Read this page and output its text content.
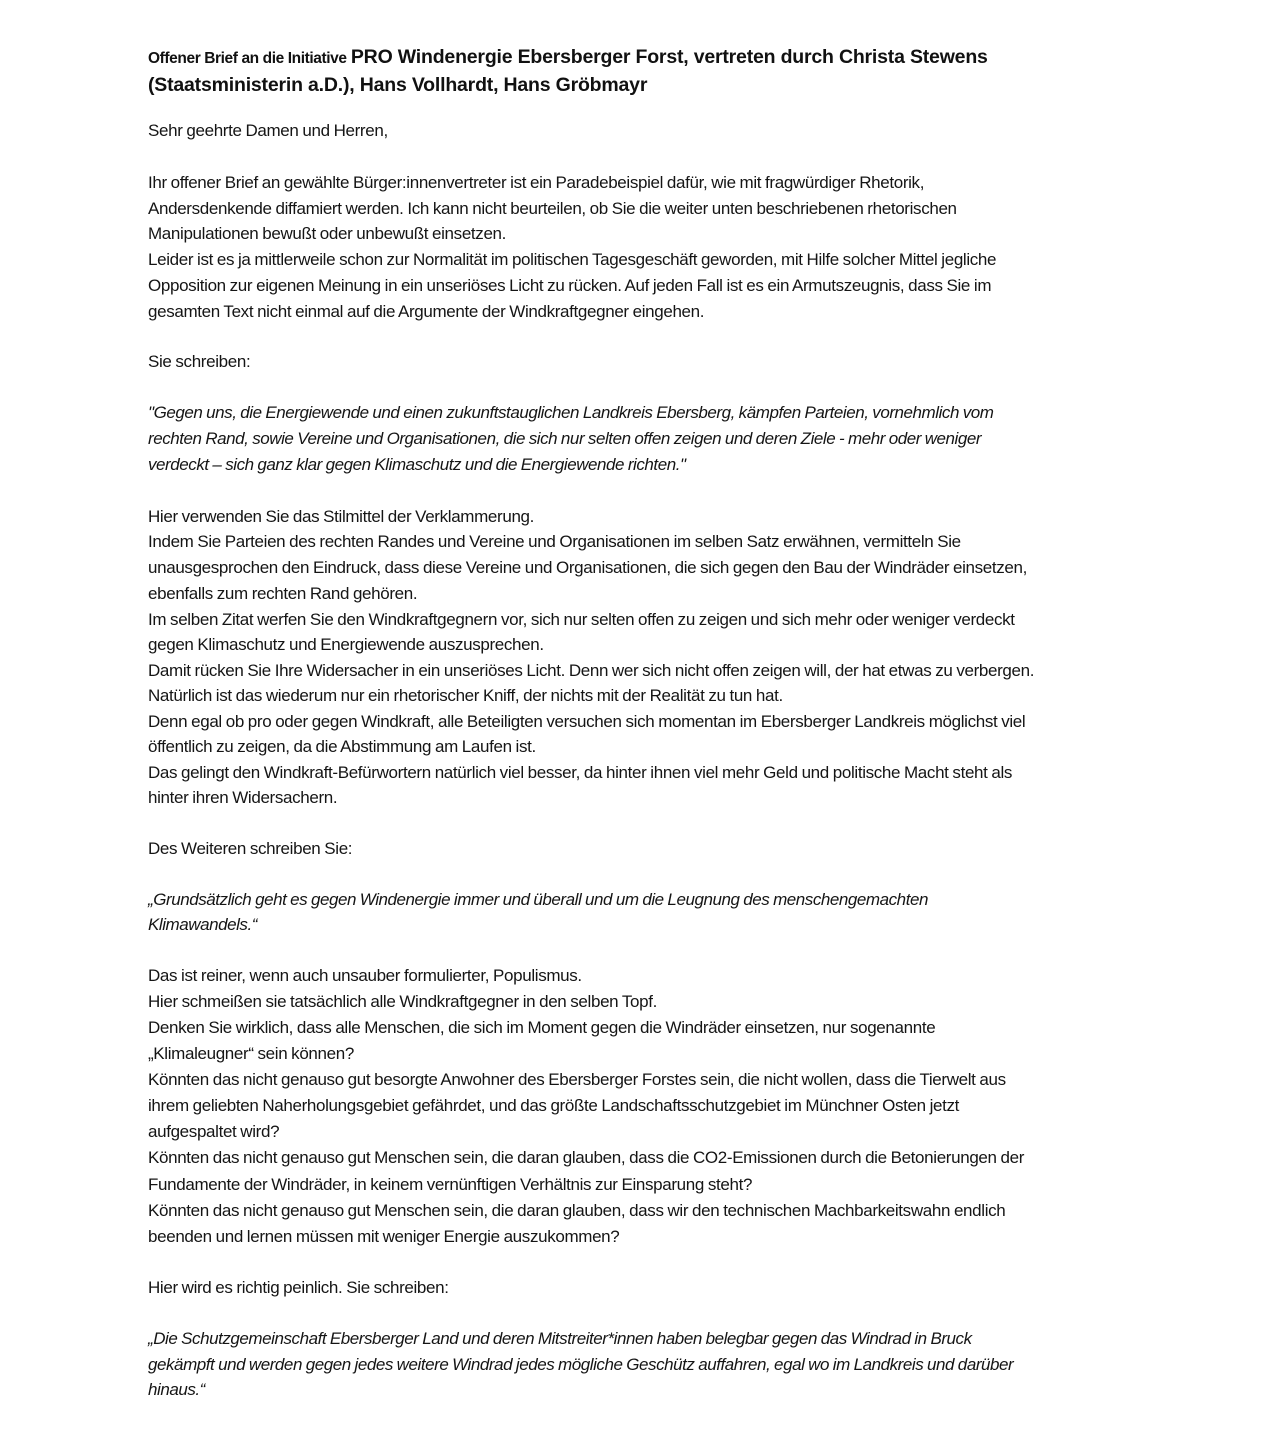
Offener Brief an die Initiative PRO Windenergie Ebersberger Forst, vertreten durch Christa Stewens
(Staatsministerin a.D.), Hans Vollhardt, Hans Gröbmayr
Sehr geehrte Damen und Herren,
Ihr offener Brief an gewählte Bürger:innenvertreter ist ein Paradebeispiel dafür, wie mit fragwürdiger Rhetorik,
Andersdenkende diffamiert werden. Ich kann nicht beurteilen, ob Sie die weiter unten beschriebenen rhetorischen
Manipulationen bewußt oder unbewußt einsetzen.
Leider ist es ja mittlerweile schon zur Normalität im politischen Tagesgeschäft geworden, mit Hilfe solcher Mittel jegliche
Opposition zur eigenen Meinung in ein unseriöses Licht zu rücken. Auf jeden Fall ist es ein Armutszeugnis, dass Sie im
gesamten Text nicht einmal auf die Argumente der Windkraftgegner eingehen.
Sie schreiben:
"Gegen uns, die Energiewende und einen zukunftstauglichen Landkreis Ebersberg, kämpfen Parteien, vornehmlich vom
rechten Rand, sowie Vereine und Organisationen, die sich nur selten offen zeigen und deren Ziele - mehr oder weniger
verdeckt – sich ganz klar gegen Klimaschutz und die Energiewende richten."
Hier verwenden Sie das Stilmittel der Verklammerung.
Indem Sie Parteien des rechten Randes und Vereine und Organisationen im selben Satz erwähnen, vermitteln Sie
unausgesprochen den Eindruck, dass diese Vereine und Organisationen, die sich gegen den Bau der Windräder einsetzen,
ebenfalls zum rechten Rand gehören.
Im selben Zitat werfen Sie den Windkraftgegnern vor, sich nur selten offen zu zeigen und sich mehr oder weniger verdeckt
gegen Klimaschutz und Energiewende auszusprechen.
Damit rücken Sie Ihre Widersacher in ein unseriöses Licht. Denn wer sich nicht offen zeigen will, der hat etwas zu verbergen.
Natürlich ist das wiederum nur ein rhetorischer Kniff, der nichts mit der Realität zu tun hat.
Denn egal ob pro oder gegen Windkraft, alle Beteiligten versuchen sich momentan im Ebersberger Landkreis möglichst viel
öffentlich zu zeigen, da die Abstimmung am Laufen ist.
Das gelingt den Windkraft-Befürwortern natürlich viel besser, da hinter ihnen viel mehr Geld und politische Macht steht als
hinter ihren Widersachern.
Des Weiteren schreiben Sie:
„Grundsätzlich geht es gegen Windenergie immer und überall und um die Leugnung des menschengemachten
Klimawandels.“
Das ist reiner, wenn auch unsauber formulierter, Populismus.
Hier schmeißen sie tatsächlich alle Windkraftgegner in den selben Topf.
Denken Sie wirklich, dass alle Menschen, die sich im Moment gegen die Windräder einsetzen, nur sogenannte
„Klimaleugner“ sein können?
Könnten das nicht genauso gut besorgte Anwohner des Ebersberger Forstes sein, die nicht wollen, dass die Tierwelt aus
ihrem geliebten Naherholungsgebiet gefährdet, und das größte Landschaftsschutzgebiet im Münchner Osten jetzt
aufgespaltet wird?
Könnten das nicht genauso gut Menschen sein, die daran glauben, dass die CO2-Emissionen durch die Betonierungen der
Fundamente der Windräder, in keinem vernünftigen Verhältnis zur Einsparung steht?
Könnten das nicht genauso gut Menschen sein, die daran glauben, dass wir den technischen Machbarkeitswahn endlich
beenden und lernen müssen mit weniger Energie auszukommen?
Hier wird es richtig peinlich. Sie schreiben:
„Die Schutzgemeinschaft Ebersberger Land und deren Mitstreiter*innen haben belegbar gegen das Windrad in Bruck
gekämpft und werden gegen jedes weitere Windrad jedes mögliche Geschütz auffahren, egal wo im Landkreis und darüber
hinaus.“
